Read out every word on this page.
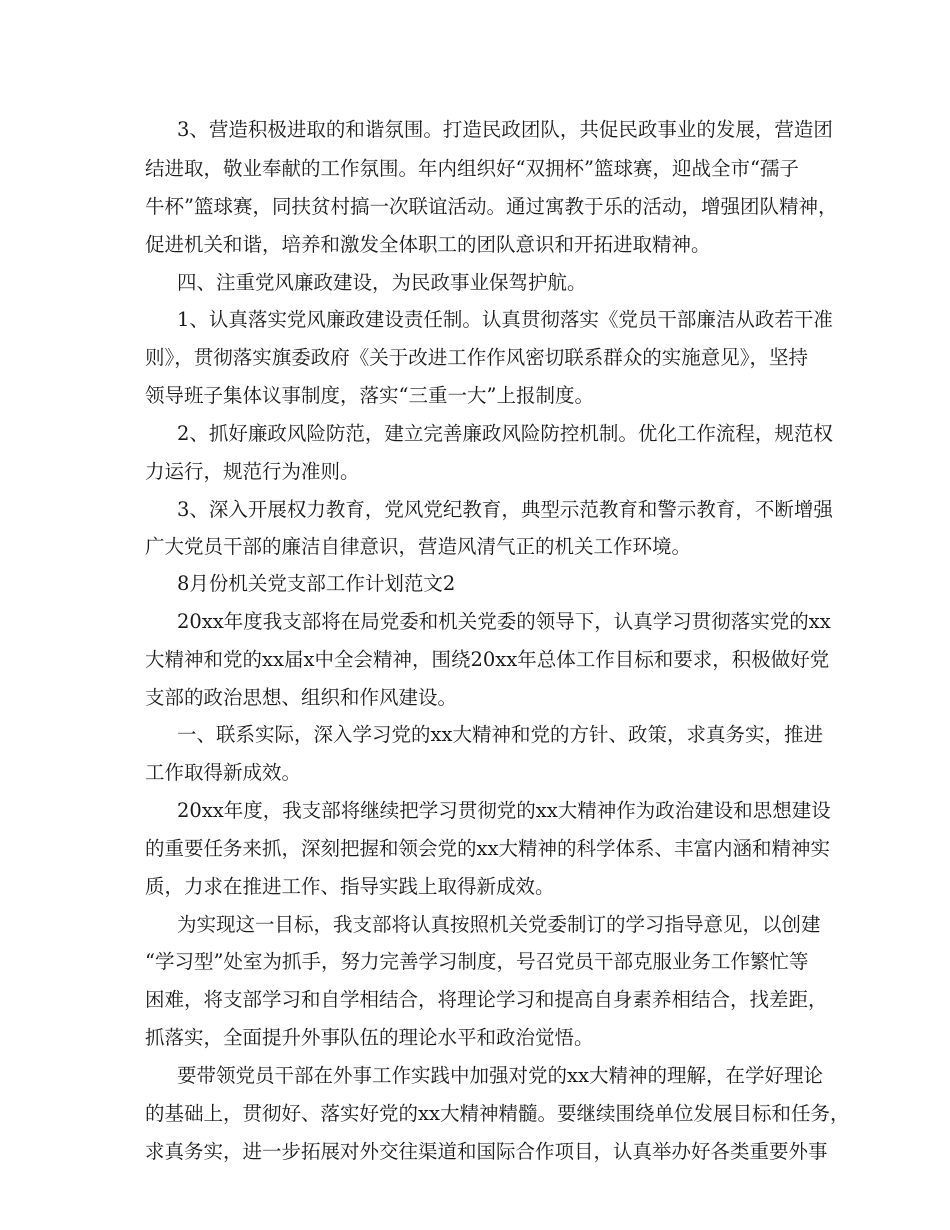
3、营造积极进取的和谐氛围。打造民政团队，共促民政事业的发展，营造团
结进取，敬业奉献的工作氛围。年内组织好“双拥杯”篮球赛，迎战全市“孺子
牛杯”篮球赛，同扶贫村搞一次联谊活动。通过寓教于乐的活动，增强团队精神，
促进机关和谐，培养和激发全体职工的团队意识和开拓进取精神。
四、注重党风廉政建设，为民政事业保驾护航。
1、认真落实党风廉政建设责任制。认真贯彻落实《党员干部廉洁从政若干准
则》，贯彻落实旗委政府《关于改进工作作风密切联系群众的实施意见》，坚持
领导班子集体议事制度，落实“三重一大”上报制度。
2、抓好廉政风险防范，建立完善廉政风险防控机制。优化工作流程，规范权
力运行，规范行为准则。
3、深入开展权力教育，党风党纪教育，典型示范教育和警示教育，不断增强
广大党员干部的廉洁自律意识，营造风清气正的机关工作环境。
8月份机关党支部工作计划范文2
20xx年度我支部将在局党委和机关党委的领导下，认真学习贯彻落实党的xx
大精神和党的xx届x中全会精神，围绕20xx年总体工作目标和要求，积极做好党
支部的政治思想、组织和作风建设。
一、联系实际，深入学习党的xx大精神和党的方针、政策，求真务实，推进
工作取得新成效。
20xx年度，我支部将继续把学习贯彻党的xx大精神作为政治建设和思想建设
的重要任务来抓，深刻把握和领会党的xx大精神的科学体系、丰富内涵和精神实
质，力求在推进工作、指导实践上取得新成效。
为实现这一目标，我支部将认真按照机关党委制订的学习指导意见，以创建
“学习型”处室为抓手，努力完善学习制度，号召党员干部克服业务工作繁忙等
困难，将支部学习和自学相结合，将理论学习和提高自身素养相结合，找差距，
抓落实，全面提升外事队伍的理论水平和政治觉悟。
要带领党员干部在外事工作实践中加强对党的xx大精神的理解，在学好理论
的基础上，贯彻好、落实好党的xx大精神精髓。要继续围绕单位发展目标和任务，
求真务实，进一步拓展对外交往渠道和国际合作项目，认真举办好各类重要外事
